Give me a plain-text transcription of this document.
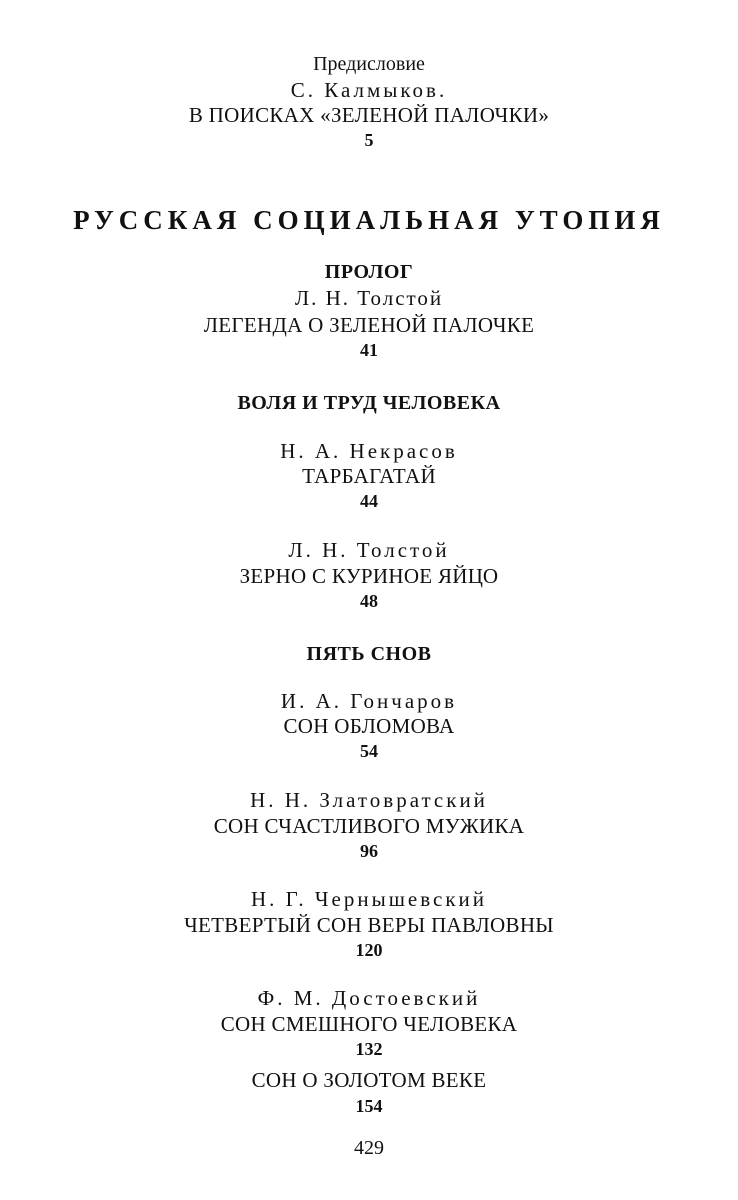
Предисловие
С. Калмыков.
В ПОИСКАХ «ЗЕЛЕНОЙ ПАЛОЧКИ»
5
РУССКАЯ СОЦИАЛЬНАЯ УТОПИЯ
ПРОЛОГ
Л. Н. Толстой
ЛЕГЕНДА О ЗЕЛЕНОЙ ПАЛОЧКЕ
41
ВОЛЯ И ТРУД ЧЕЛОВЕКА
Н. А. Некрасов
ТАРБАГАТАЙ
44
Л. Н. Толстой
ЗЕРНО С КУРИНОЕ ЯЙЦО
48
ПЯТЬ СНОВ
И. А. Гончаров
СОН ОБЛОМОВА
54
Н. Н. Златовратский
СОН СЧАСТЛИВОГО МУЖИКА
96
Н. Г. Чернышевский
ЧЕТВЕРТЫЙ СОН ВЕРЫ ПАВЛОВНЫ
120
Ф. М. Достоевский
СОН СМЕШНОГО ЧЕЛОВЕКА
132
СОН О ЗОЛОТОМ ВЕКЕ
154
429
